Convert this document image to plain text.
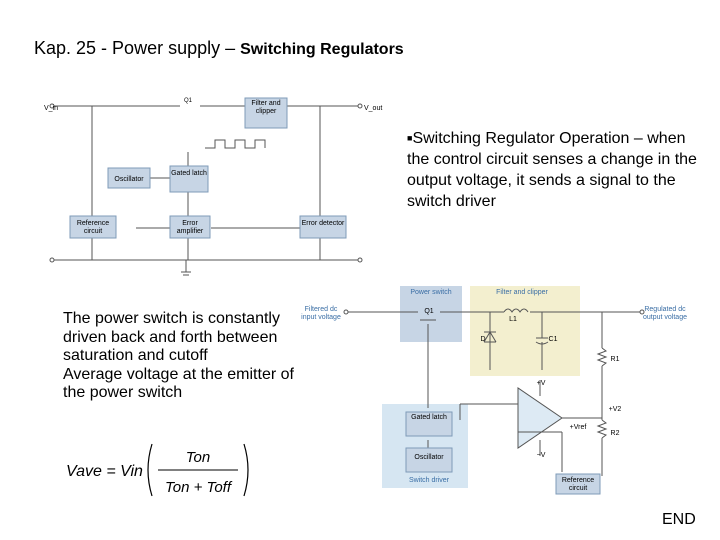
Kap. 25 - Power supply – Switching Regulators
V_in	V_out
Q1	Filter and clipper
Oscillator
Gated latch
Reference circuit
Error amplifier
Error detector
■Switching Regulator Operation – when the control circuit senses a change in the output voltage, it sends a signal to the switch driver
Power switch	Filter and clipper
Filtered dc input voltage
Regulated dc output voltage
Q1
L1
D	C1
R1
R2
+V
−V
+V2
+Vref
Gated latch
Oscillator
Switch driver	Reference circuit
The power switch is constantly driven back and forth between saturation and cutoff
Average voltage at the emitter of the power switch
Vave = Vin
Ton
Ton + Toff
END
